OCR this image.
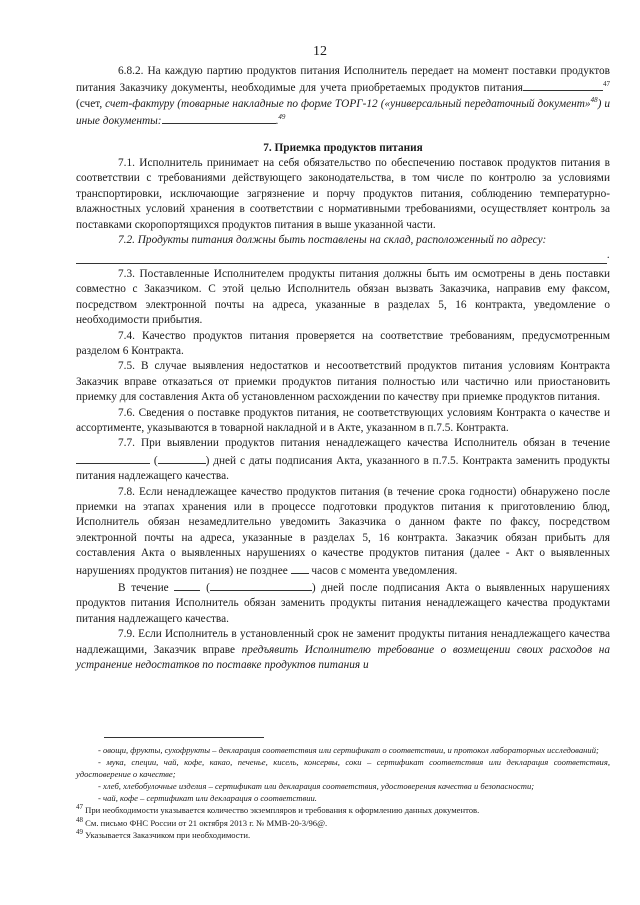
12

6.8.2. На каждую партию продуктов питания Исполнитель передает на момент поставки продуктов питания Заказчику документы, необходимые для учета приобретаемых продуктов питания	$^{47}$ (счет, счет-фактуру (товарные накладные по форме ТОРГ-12 («универсальный передаточный документ»$^{48}$) и иные документы:	.$^{49}$

7. Приемка продуктов питания

7.1. Исполнитель принимает на себя обязательство по обеспечению поставок продуктов питания в соответствии с требованиями действующего законодательства, в том числе по контролю за условиями транспортировки, исключающие загрязнение и порчу продуктов питания, соблюдению температурно-влажностных условий хранения в соответствии с нормативными требованиями, осуществляет контроль за поставками скоропортящихся продуктов питания в выше указанной части.

7.2. Продукты питания должны быть поставлены на склад, расположенный по адресу:

.

7.3. Поставленные Исполнителем продукты питания должны быть им осмотрены в день поставки совместно с Заказчиком. С этой целью Исполнитель обязан вызвать Заказчика, направив ему факсом, посредством электронной почты на адреса, указанные в разделах 5, 16 контракта, уведомление о необходимости прибытия.

7.4. Качество продуктов питания проверяется на соответствие требованиям, предусмотренным разделом 6 Контракта.

7.5. В случае выявления недостатков и несоответствий продуктов питания условиям Контракта Заказчик вправе отказаться от приемки продуктов питания полностью или частично или приостановить приемку для составления Акта об установленном расхождении по качеству при приемке продуктов питания.

7.6. Сведения о поставке продуктов питания, не соответствующих условиям Контракта о качестве и ассортименте, указываются в товарной накладной и в Акте, указанном в п.7.5. Контракта.

7.7. При выявлении продуктов питания ненадлежащего качества Исполнитель обязан в течение  (	) дней с даты подписания Акта, указанного в п.7.5. Контракта заменить продукты питания надлежащего качества.

7.8. Если ненадлежащее качество продуктов питания (в течение срока годности) обнаружено после приемки на этапах хранения или в процессе подготовки продуктов питания к приготовлению блюд, Исполнитель обязан незамедлительно уведомить Заказчика о данном факте по факсу, посредством электронной почты на адреса, указанные в разделах 5, 16 контракта. Заказчик обязан прибыть для составления Акта о выявленных нарушениях о качестве продуктов питания (далее - Акт о выявленных нарушениях продуктов питания) не позднее часов с момента уведомления.

В течение	(	) дней после подписания Акта о выявленных нарушениях продуктов питания Исполнитель обязан заменить продукты питания ненадлежащего качества продуктами питания надлежащего качества.

7.9. Если Исполнитель в установленный срок не заменит продукты питания ненадлежащего качества надлежащими, Заказчик вправе предъявить Исполнителю требование о возмещении своих расходов на устранение недостатков по поставке продуктов питания и

- овощи, фрукты, сухофрукты – декларация соответствия или сертификат о соответствии, и протокол лабораторных исследований;

- мука, специи, чай, кофе, какао, печенье, кисель, консервы, соки – сертификат соответствия или декларация соответствия, удостоверение о качестве;

- хлеб, хлебобулочные изделия – сертификат или декларация соответствия, удостоверения качества и безопасности;

- чай, кофе – сертификат или декларация о соответствии.

$^{47}$ При необходимости указывается количество экземпляров и требования к оформлению данных документов.

$^{48}$ См. письмо ФНС России от 21 октября 2013 г. № ММВ-20-3/96@.

$^{49}$ Указывается Заказчиком при необходимости.
